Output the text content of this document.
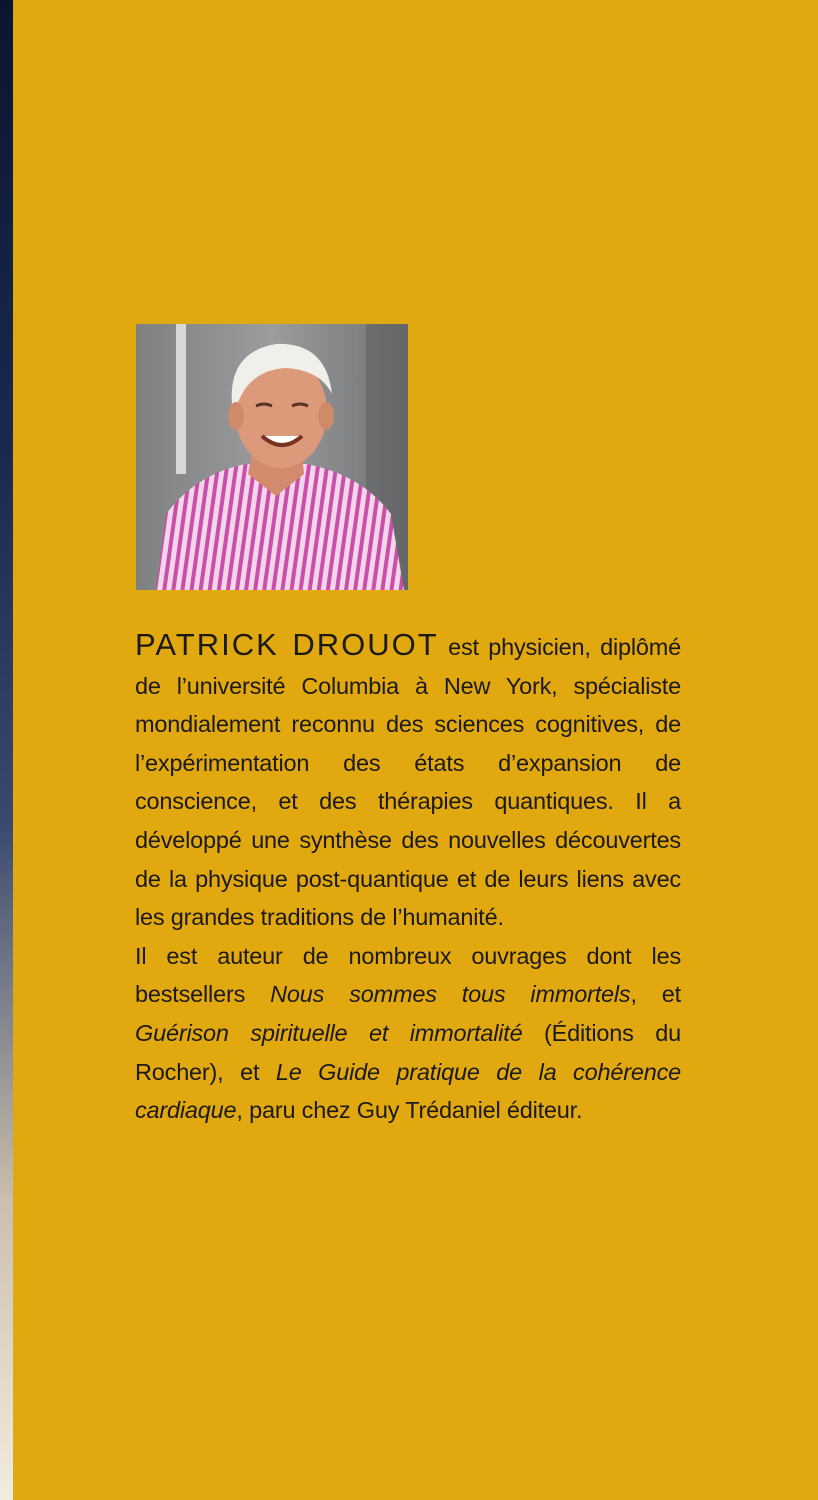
PATRICK DROUOT est physicien, diplômé de l’université Columbia à New York, spécialiste mondialement reconnu des sciences cognitives, de l’expérimentation des états d’expansion de conscience, et des thérapies quantiques. Il a développé une synthèse des nouvelles découvertes de la physique post-quantique et de leurs liens avec les grandes traditions de l’humanité.

Il est auteur de nombreux ouvrages dont les bestsellers Nous sommes tous immortels, et Guérison spirituelle et immortalité (Éditions du Rocher), et Le Guide pratique de la cohérence cardiaque, paru chez Guy Trédaniel éditeur.
